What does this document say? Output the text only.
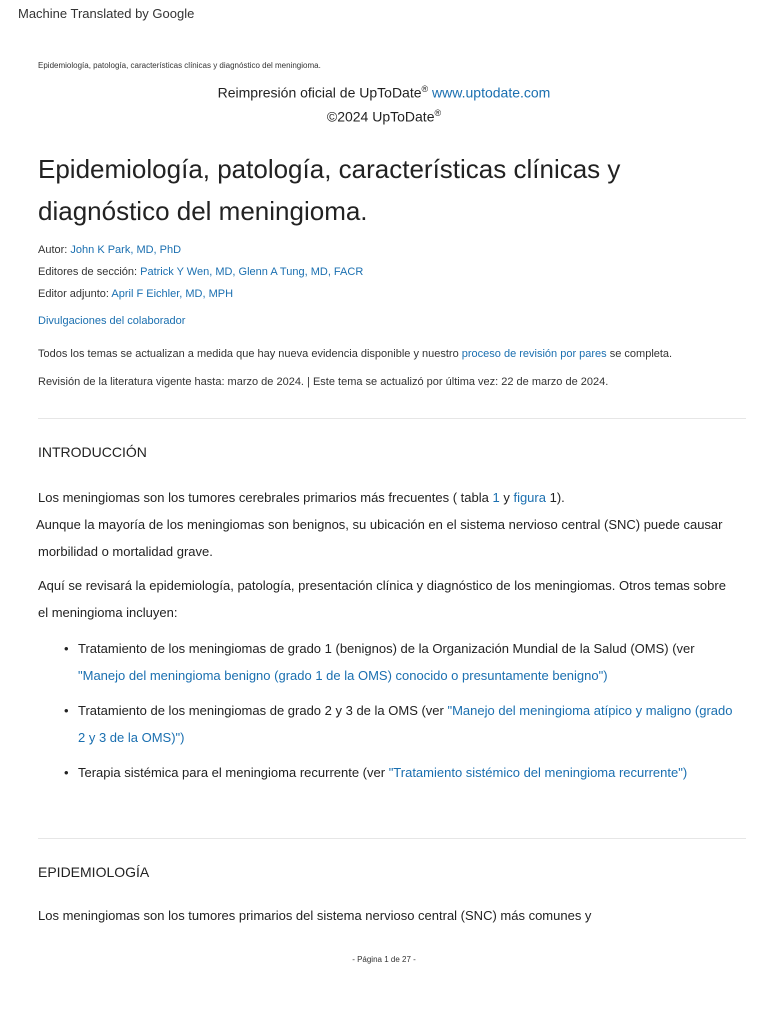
Machine Translated by Google
Epidemiología, patología, características clínicas y diagnóstico del meningioma.
Reimpresión oficial de UpToDate® www.uptodate.com
©2024 UpToDate®
Epidemiología, patología, características clínicas y diagnóstico del meningioma.
Autor: John K Park, MD, PhD
Editores de sección: Patrick Y Wen, MD, Glenn A Tung, MD, FACR
Editor adjunto: April F Eichler, MD, MPH
Divulgaciones del colaborador
Todos los temas se actualizan a medida que hay nueva evidencia disponible y nuestro proceso de revisión por pares se completa.
Revisión de la literatura vigente hasta: marzo de 2024. | Este tema se actualizó por última vez: 22 de marzo de 2024.
INTRODUCCIÓN
Los meningiomas son los tumores cerebrales primarios más frecuentes ( tabla 1 y figura 1).
Aunque la mayoría de los meningiomas son benignos, su ubicación en el sistema nervioso central (SNC) puede causar morbilidad o mortalidad grave.
Aquí se revisará la epidemiología, patología, presentación clínica y diagnóstico de los meningiomas. Otros temas sobre el meningioma incluyen:
• Tratamiento de los meningiomas de grado 1 (benignos) de la Organización Mundial de la Salud (OMS) (ver "Manejo del meningioma benigno (grado 1 de la OMS) conocido o presuntamente benigno")
• Tratamiento de los meningiomas de grado 2 y 3 de la OMS (ver "Manejo del meningioma atípico y maligno (grado 2 y 3 de la OMS)")
• Terapia sistémica para el meningioma recurrente (ver "Tratamiento sistémico del meningioma recurrente")
EPIDEMIOLOGÍA
Los meningiomas son los tumores primarios del sistema nervioso central (SNC) más comunes y
- Página 1 de 27 -
